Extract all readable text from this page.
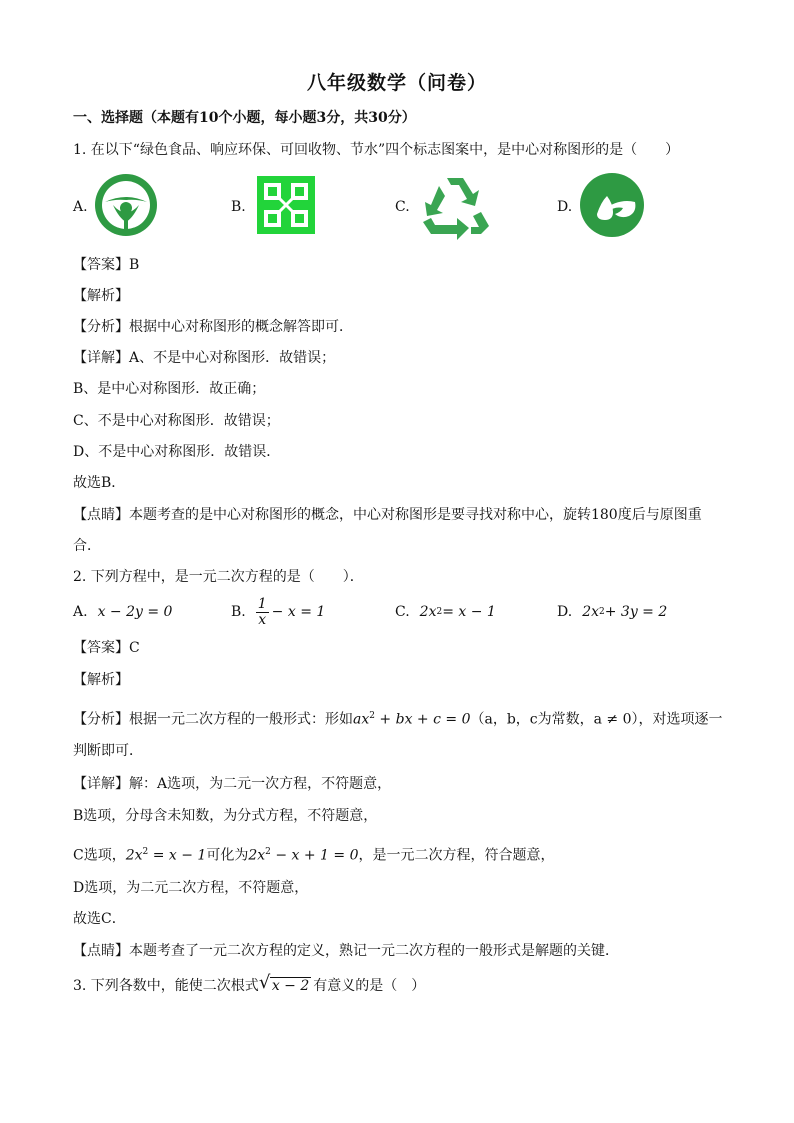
八年级数学（问卷）
一、选择题（本题有10个小题，每小题3分，共30分）
1. 在以下“绿色食品、响应环保、可回收物、节水”四个标志图案中，是中心对称图形的是（　　）
A.	B.	C.	D.
【答案】B
【解析】
【分析】根据中心对称图形的概念解答即可．
【详解】A、不是中心对称图形．故错误；
B、是中心对称图形．故正确；
C、不是中心对称图形．故错误；
D、不是中心对称图形．故错误．
故选B．
【点睛】本题考查的是中心对称图形的概念，中心对称图形是要寻找对称中心，旋转180度后与原图重
合．
2. 下列方程中，是一元二次方程的是（　　）．
A. x − 2y = 0	B. $\frac{1}{x} - x = 1$	C. 2x 2 = x − 1	D. 2x 2 + 3y = 2
【答案】C
【解析】
【分析】根据一元二次方程的一般形式：形如$ax^2$ + bx + c = 0（a，b，c为常数，a ≠ 0），对选项逐一
判断即可．
【详解】解：A选项，为二元一次方程，不符题意，
B选项，分母含未知数，为分式方程，不符题意，
C选项，$2x^2 = x - 1$可化为$2x^2 - x + 1 = 0$，是一元二次方程，符合题意，
D选项，为二元二次方程，不符题意，
故选C．
【点睛】本题考查了一元二次方程的定义，熟记一元二次方程的一般形式是解题的关键．
3. 下列各数中，能使二次根式√ x − 2 有意义的是（　）
